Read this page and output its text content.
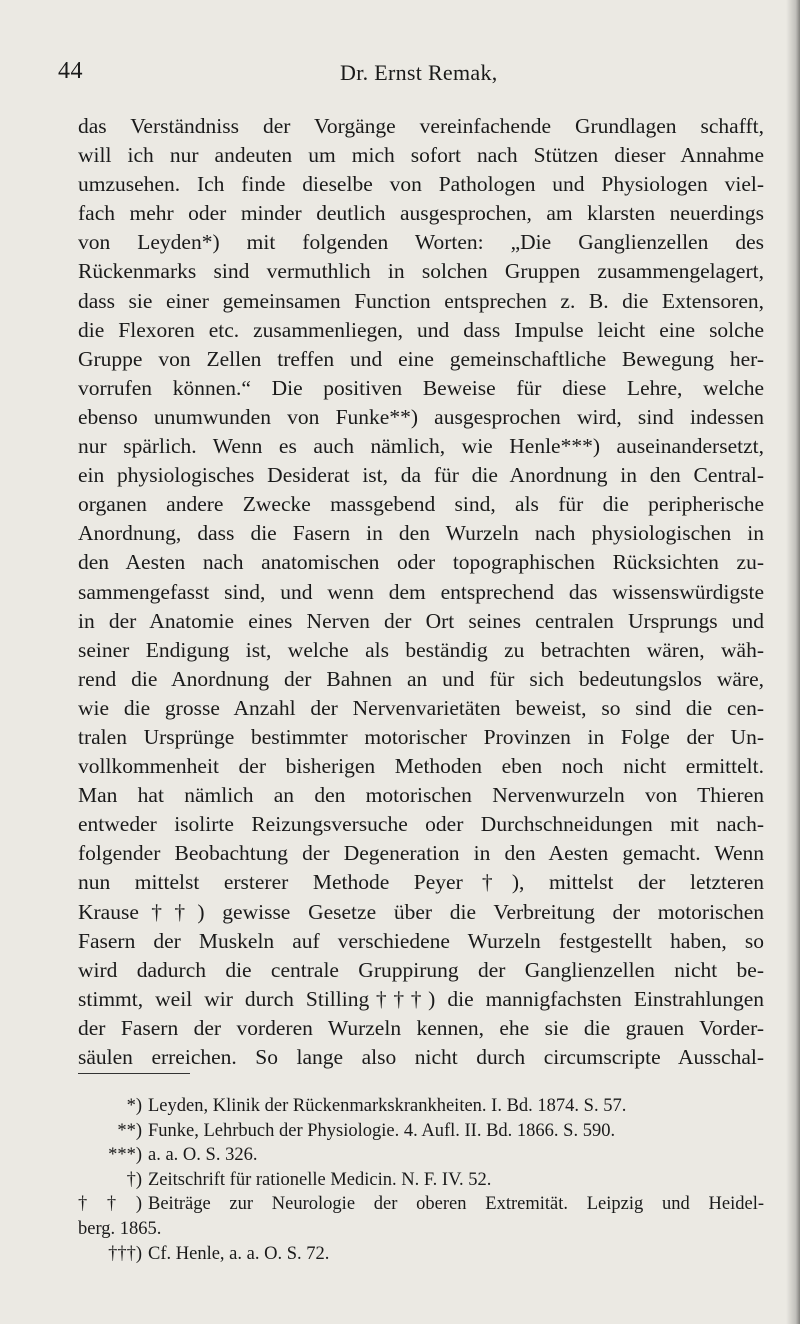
44	Dr. Ernst Remak,
das Verständniss der Vorgänge vereinfachende Grundlagen schafft,
will ich nur andeuten um mich sofort nach Stützen dieser Annahme
umzusehen. Ich finde dieselbe von Pathologen und Physiologen viel-
fach mehr oder minder deutlich ausgesprochen, am klarsten neuerdings
von Leyden*) mit folgenden Worten: „Die Ganglienzellen des
Rückenmarks sind vermuthlich in solchen Gruppen zusammengelagert,
dass sie einer gemeinsamen Function entsprechen z. B. die Extensoren,
die Flexoren etc. zusammenliegen, und dass Impulse leicht eine solche
Gruppe von Zellen treffen und eine gemeinschaftliche Bewegung her-
vorrufen können.“ Die positiven Beweise für diese Lehre, welche
ebenso unumwunden von Funke**) ausgesprochen wird, sind indessen
nur spärlich. Wenn es auch nämlich, wie Henle***) auseinandersetzt,
ein physiologisches Desiderat ist, da für die Anordnung in den Central-
organen andere Zwecke massgebend sind, als für die peripherische
Anordnung, dass die Fasern in den Wurzeln nach physiologischen in
den Aesten nach anatomischen oder topographischen Rücksichten zu-
sammengefasst sind, und wenn dem entsprechend das wissenswürdigste
in der Anatomie eines Nerven der Ort seines centralen Ursprungs und
seiner Endigung ist, welche als beständig zu betrachten wären, wäh-
rend die Anordnung der Bahnen an und für sich bedeutungslos wäre,
wie die grosse Anzahl der Nervenvarietäten beweist, so sind die cen-
tralen Ursprünge bestimmter motorischer Provinzen in Folge der Un-
vollkommenheit der bisherigen Methoden eben noch nicht ermittelt.
Man hat nämlich an den motorischen Nervenwurzeln von Thieren
entweder isolirte Reizungsversuche oder Durchschneidungen mit nach-
folgender Beobachtung der Degeneration in den Aesten gemacht. Wenn
nun mittelst ersterer Methode Peyer†), mittelst der letzteren
Krause††) gewisse Gesetze über die Verbreitung der motorischen
Fasern der Muskeln auf verschiedene Wurzeln festgestellt haben, so
wird dadurch die centrale Gruppirung der Ganglienzellen nicht be-
stimmt, weil wir durch Stilling†††) die mannigfachsten Einstrahlungen
der Fasern der vorderen Wurzeln kennen, ehe sie die grauen Vorder-
säulen erreichen. So lange also nicht durch circumscripte Ausschal-
*) Leyden, Klinik der Rückenmarkskrankheiten. I. Bd. 1874. S. 57.
**) Funke, Lehrbuch der Physiologie. 4. Aufl. II. Bd. 1866. S. 590.
***) a. a. O. S. 326.
†) Zeitschrift für rationelle Medicin. N. F. IV. 52.
††) Beiträge zur Neurologie der oberen Extremität. Leipzig und Heidel-
berg. 1865.
†††) Cf. Henle, a. a. O. S. 72.
